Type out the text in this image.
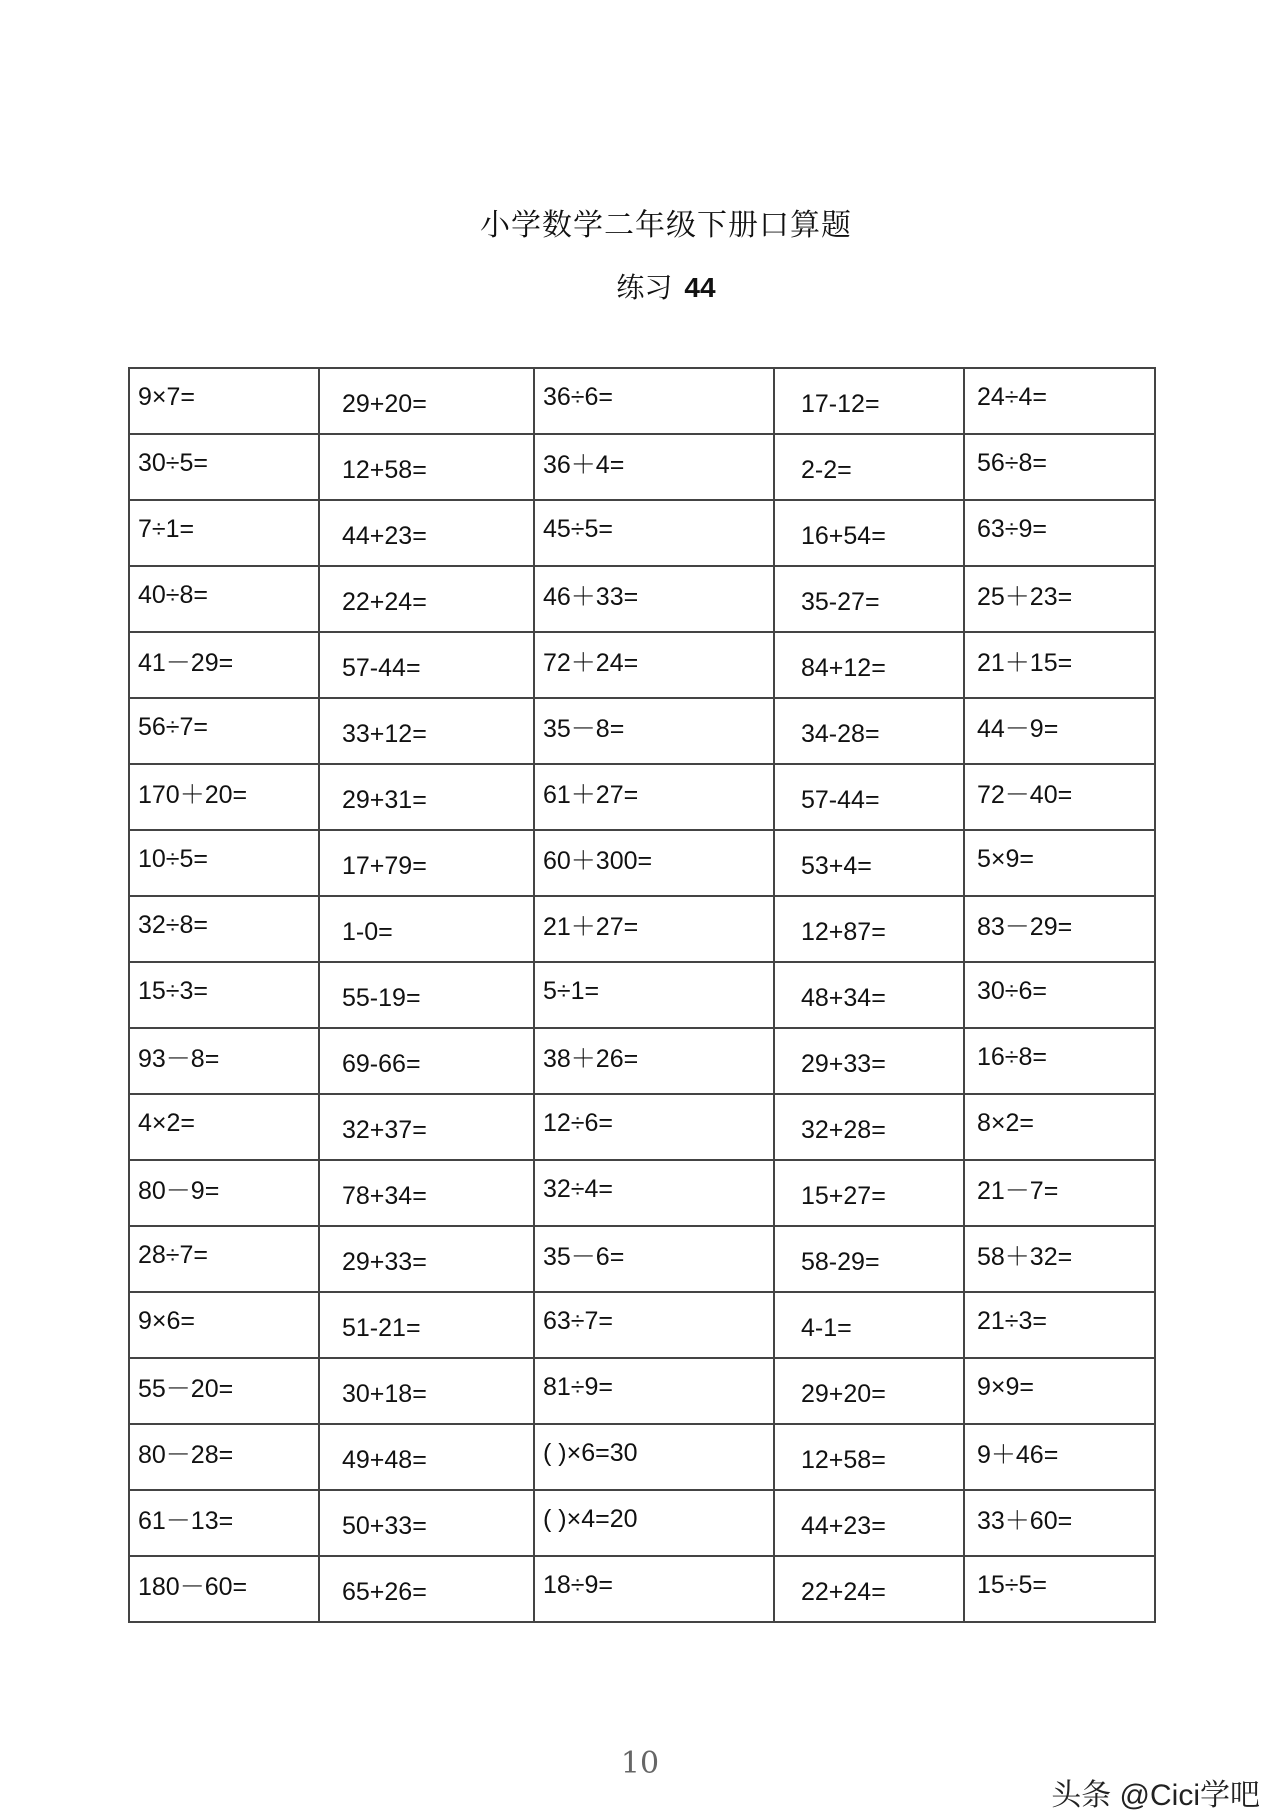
小学数学二年级下册口算题
练习 44
9×7=	29+20=	36÷6=	17-12=	24÷4=
30÷5=	12+58=	36＋4=	2-2=	56÷8=
7÷1=	44+23=	45÷5=	16+54=	63÷9=
40÷8=	22+24=	46＋33=	35-27=	25＋23=
41－29=	57-44=	72＋24=	84+12=	21＋15=
56÷7=	33+12=	35－8=	34-28=	44－9=
170＋20=	29+31=	61＋27=	57-44=	72－40=
10÷5=	17+79=	60＋300=	53+4=	5×9=
32÷8=	1-0=	21＋27=	12+87=	83－29=
15÷3=	55-19=	5÷1=	48+34=	30÷6=
93－8=	69-66=	38＋26=	29+33=	16÷8=
4×2=	32+37=	12÷6=	32+28=	8×2=
80－9=	78+34=	32÷4=	15+27=	21－7=
28÷7=	29+33=	35－6=	58-29=	58＋32=
9×6=	51-21=	63÷7=	4-1=	21÷3=
55－20=	30+18=	81÷9=	29+20=	9×9=
80－28=	49+48=	( )×6=30	12+58=	9＋46=
61－13=	50+33=	( )×4=20	44+23=	33＋60=
180－60=	65+26=	18÷9=	22+24=	15÷5=
10
头条 @Cici学吧
